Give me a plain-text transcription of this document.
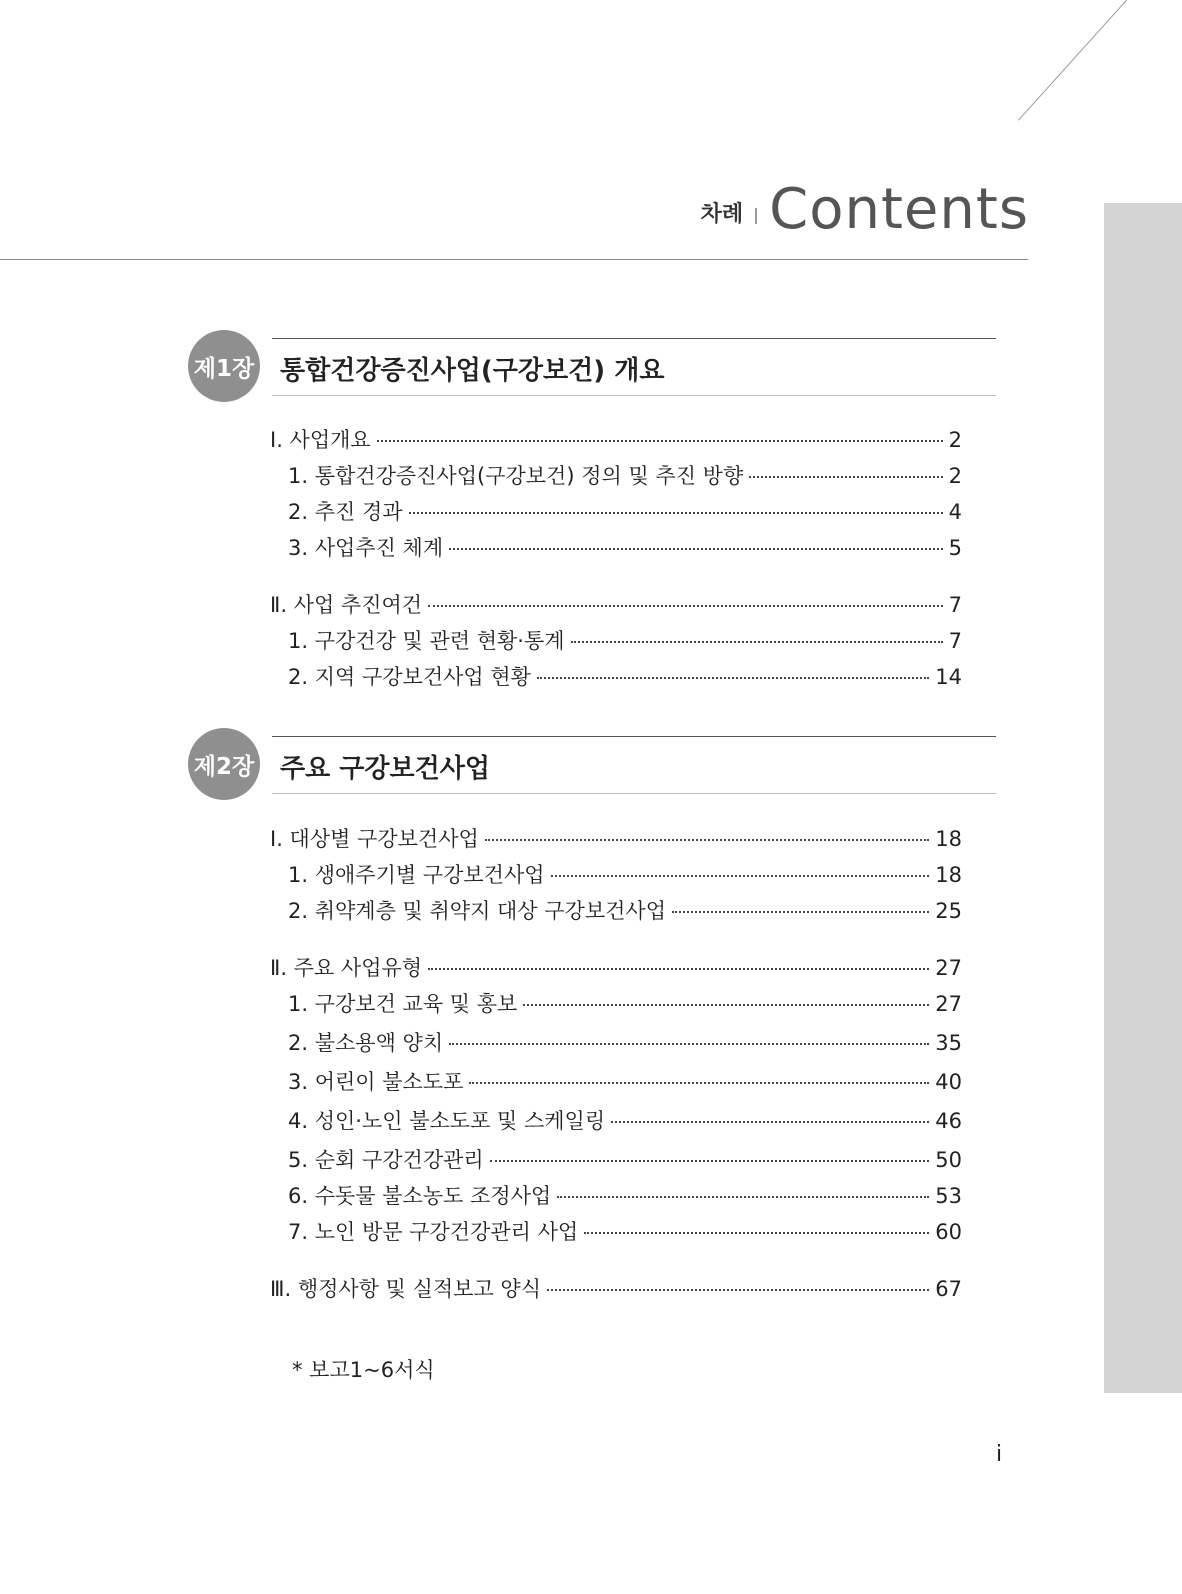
차례 Contents
제1장 통합건강증진사업(구강보건) 개요
Ⅰ. 사업개요	2
1. 통합건강증진사업(구강보건) 정의 및 추진 방향	2
2. 추진 경과	4
3. 사업추진 체계	5
Ⅱ. 사업 추진여건	7
1. 구강건강 및 관련 현황·통계	7
2. 지역 구강보건사업 현황	14
제2장 주요 구강보건사업
Ⅰ. 대상별 구강보건사업	18
1. 생애주기별 구강보건사업	18
2. 취약계층 및 취약지 대상 구강보건사업	25
Ⅱ. 주요 사업유형	27
1. 구강보건 교육 및 홍보	27
2. 불소용액 양치	35
3. 어린이 불소도포	40
4. 성인·노인 불소도포 및 스케일링	46
5. 순회 구강건강관리	50
6. 수돗물 불소농도 조정사업	53
7. 노인 방문 구강건강관리 사업	60
Ⅲ. 행정사항 및 실적보고 양식	67
* 보고1~6서식
i
